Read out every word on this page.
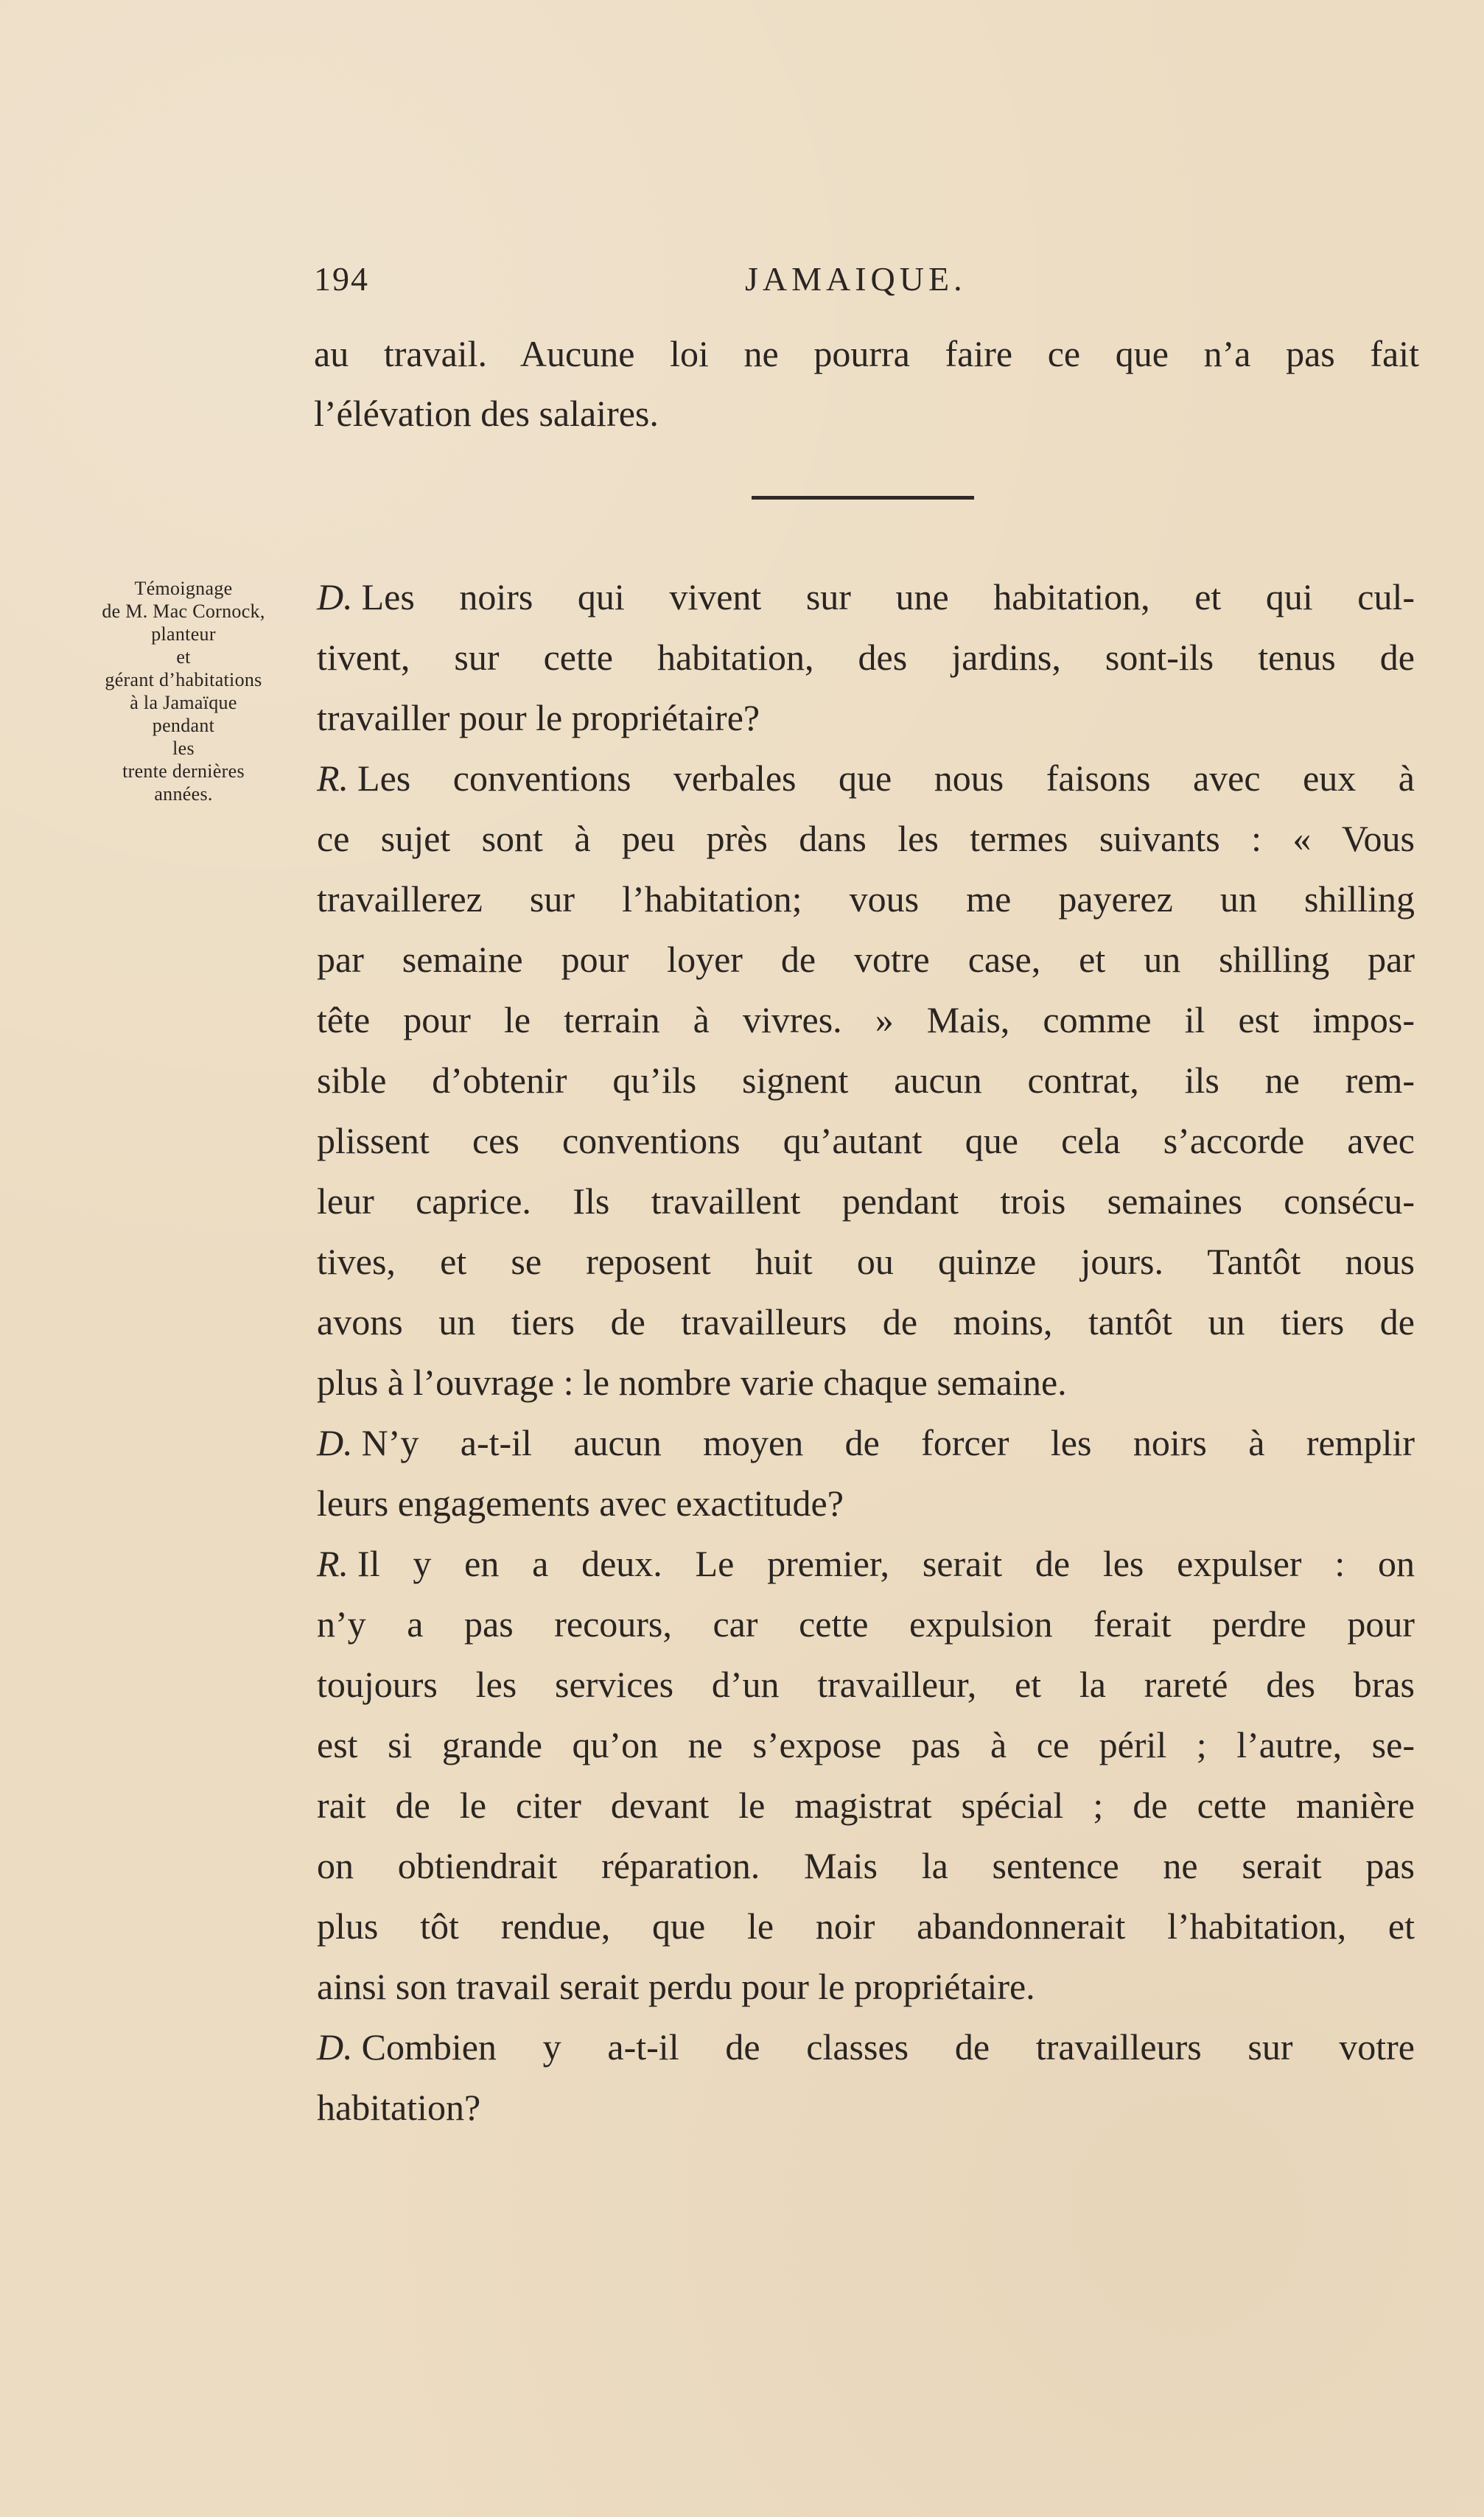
194	JAMAIQUE.
au travail. Aucune loi ne pourra faire ce que n’a pas fait
l’élévation des salaires.
Témoignage
de M. Mac Cornock,
planteur
et
gérant d’habitations
à la Jamaïque
pendant
les
trente dernières
années.
D. Les noirs qui vivent sur une habitation, et qui cul-
tivent, sur cette habitation, des jardins, sont-ils tenus de
travailler pour le propriétaire?
R. Les conventions verbales que nous faisons avec eux à
ce sujet sont à peu près dans les termes suivants : « Vous
travaillerez sur l’habitation; vous me payerez un shilling
par semaine pour loyer de votre case, et un shilling par
tête pour le terrain à vivres. » Mais, comme il est impos-
sible d’obtenir qu’ils signent aucun contrat, ils ne rem-
plissent ces conventions qu’autant que cela s’accorde avec
leur caprice. Ils travaillent pendant trois semaines consécu-
tives, et se reposent huit ou quinze jours. Tantôt nous
avons un tiers de travailleurs de moins, tantôt un tiers de
plus à l’ouvrage : le nombre varie chaque semaine.
D. N’y a-t-il aucun moyen de forcer les noirs à remplir
leurs engagements avec exactitude?
R. Il y en a deux. Le premier, serait de les expulser : on
n’y a pas recours, car cette expulsion ferait perdre pour
toujours les services d’un travailleur, et la rareté des bras
est si grande qu’on ne s’expose pas à ce péril ; l’autre, se-
rait de le citer devant le magistrat spécial ; de cette manière
on obtiendrait réparation. Mais la sentence ne serait pas
plus tôt rendue, que le noir abandonnerait l’habitation, et
ainsi son travail serait perdu pour le propriétaire.
D. Combien y a-t-il de classes de travailleurs sur votre
habitation?
